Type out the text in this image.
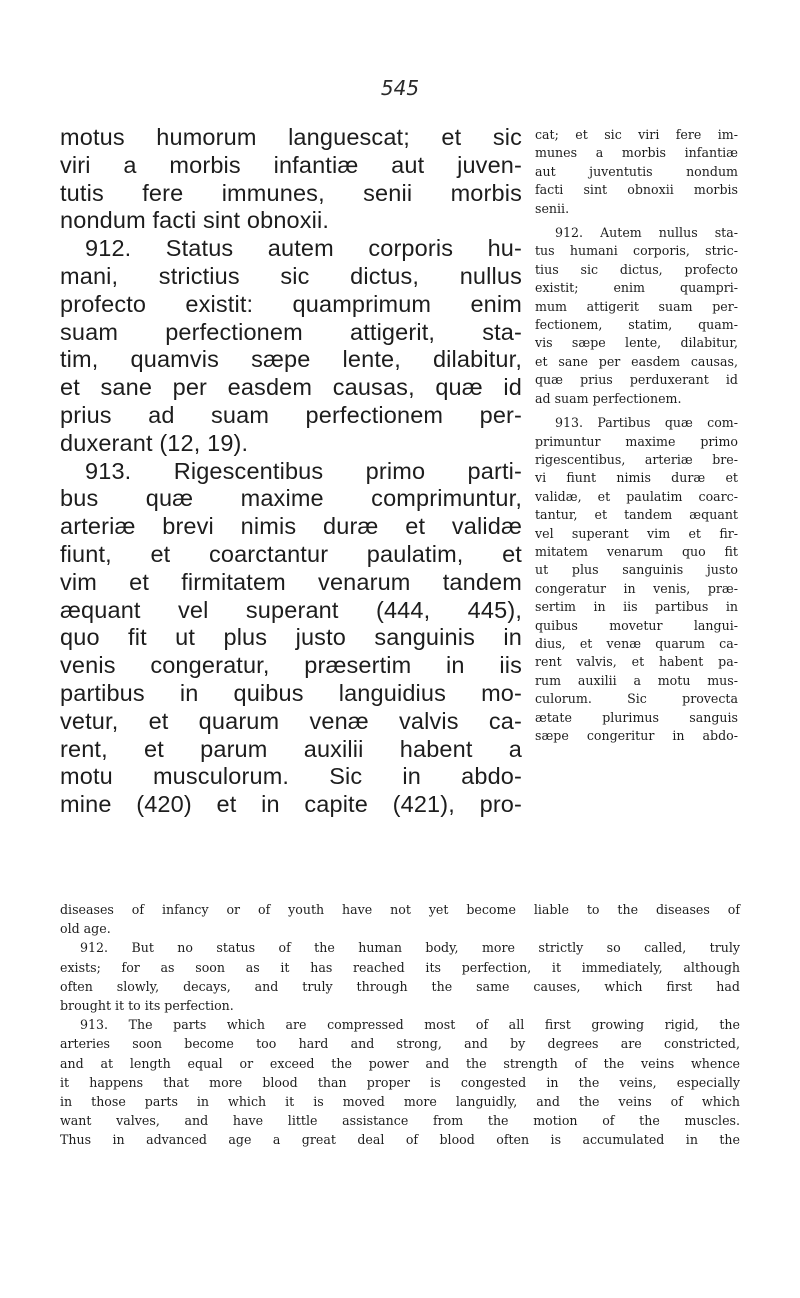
545
motus humorum languescat; et sic
viri a morbis infantiæ aut juven-
tutis fere immunes, senii morbis
nondum facti sint obnoxii.
912. Status autem corporis hu-
mani, strictius sic dictus, nullus
profecto existit: quamprimum enim
suam perfectionem attigerit, sta-
tim, quamvis sæpe lente, dilabitur,
et sane per easdem causas, quæ id
prius ad suam perfectionem per-
duxerant (12, 19).
913. Rigescentibus primo parti-
bus quæ maxime comprimuntur,
arteriæ brevi nimis duræ et validæ
fiunt, et coarctantur paulatim, et
vim et firmitatem venarum tandem
æquant vel superant (444, 445),
quo fit ut plus justo sanguinis in
venis congeratur, præsertim in iis
partibus in quibus languidius mo-
vetur, et quarum venæ valvis ca-
rent, et parum auxilii habent a
motu musculorum. Sic in abdo-
mine (420) et in capite (421), pro-
cat; et sic viri fere im-
munes a morbis infantiæ
aut juventutis nondum
facti sint obnoxii morbis
senii.
912. Autem nullus sta-
tus humani corporis, stric-
tius sic dictus, profecto
existit; enim quampri-
mum attigerit suam per-
fectionem, statim, quam-
vis sæpe lente, dilabitur,
et sane per easdem causas,
quæ prius perduxerant id
ad suam perfectionem.
913. Partibus quæ com-
primuntur maxime primo
rigescentibus, arteriæ bre-
vi fiunt nimis duræ et
validæ, et paulatim coarc-
tantur, et tandem æquant
vel superant vim et fir-
mitatem venarum quo fit
ut plus sanguinis justo
congeratur in venis, præ-
sertim in iis partibus in
quibus movetur langui-
dius, et venæ quarum ca-
rent valvis, et habent pa-
rum auxilii a motu mus-
culorum. Sic provecta
ætate plurimus sanguis
sæpe congeritur in abdo-
diseases of infancy or of youth have not yet become liable to the diseases of
old age.
912. But no status of the human body, more strictly so called, truly
exists; for as soon as it has reached its perfection, it immediately, although
often slowly, decays, and truly through the same causes, which first had
brought it to its perfection.
913. The parts which are compressed most of all first growing rigid, the
arteries soon become too hard and strong, and by degrees are constricted,
and at length equal or exceed the power and the strength of the veins whence
it happens that more blood than proper is congested in the veins, especially
in those parts in which it is moved more languidly, and the veins of which
want valves, and have little assistance from the motion of the muscles.
Thus in advanced age a great deal of blood often is accumulated in the
